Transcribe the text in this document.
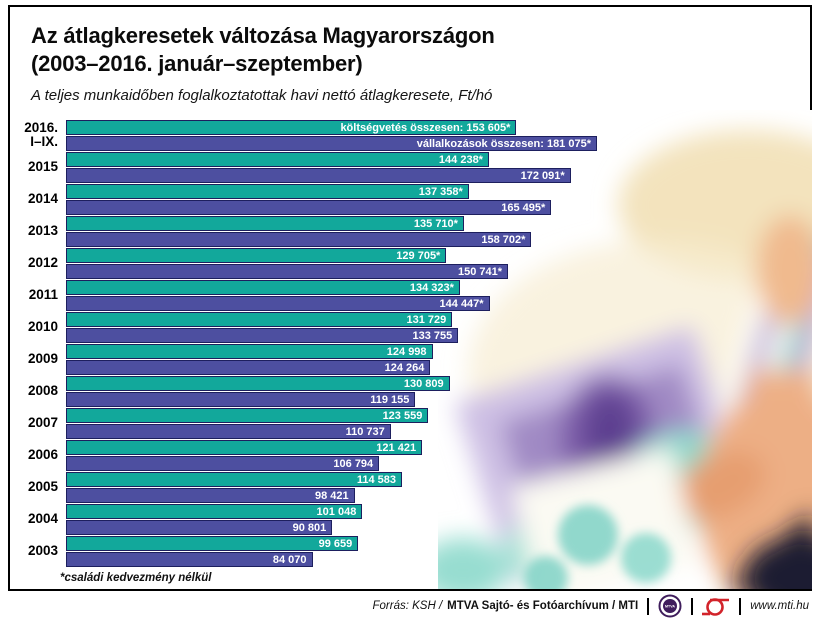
Az átlagkeresetek változása Magyarországon
(2003–2016. január–szeptember)
A teljes munkaidőben foglalkoztatottak havi nettó átlagkeresete, Ft/hó
2016.
I–IX.
költségvetés összesen: 153 605*
vállalkozások összesen: 181 075*
2015	144 238*
172 091*
2014	137 358*
165 495*
2013	135 710*
158 702*
2012	129 705*
150 741*
2011	134 323*
144 447*
2010	131 729
133 755
2009	124 998
124 264
2008	130 809
119 155
2007	123 559
110 737
2006	121 421
106 794
2005	114 583
98 421
2004	101 048
90 801
2003	99 659
84 070
*családi kedvezmény nélkül
Forrás: KSH / MTVA Sajtó- és Fotóarchívum / MTI	MTVA	www.mti.hu
